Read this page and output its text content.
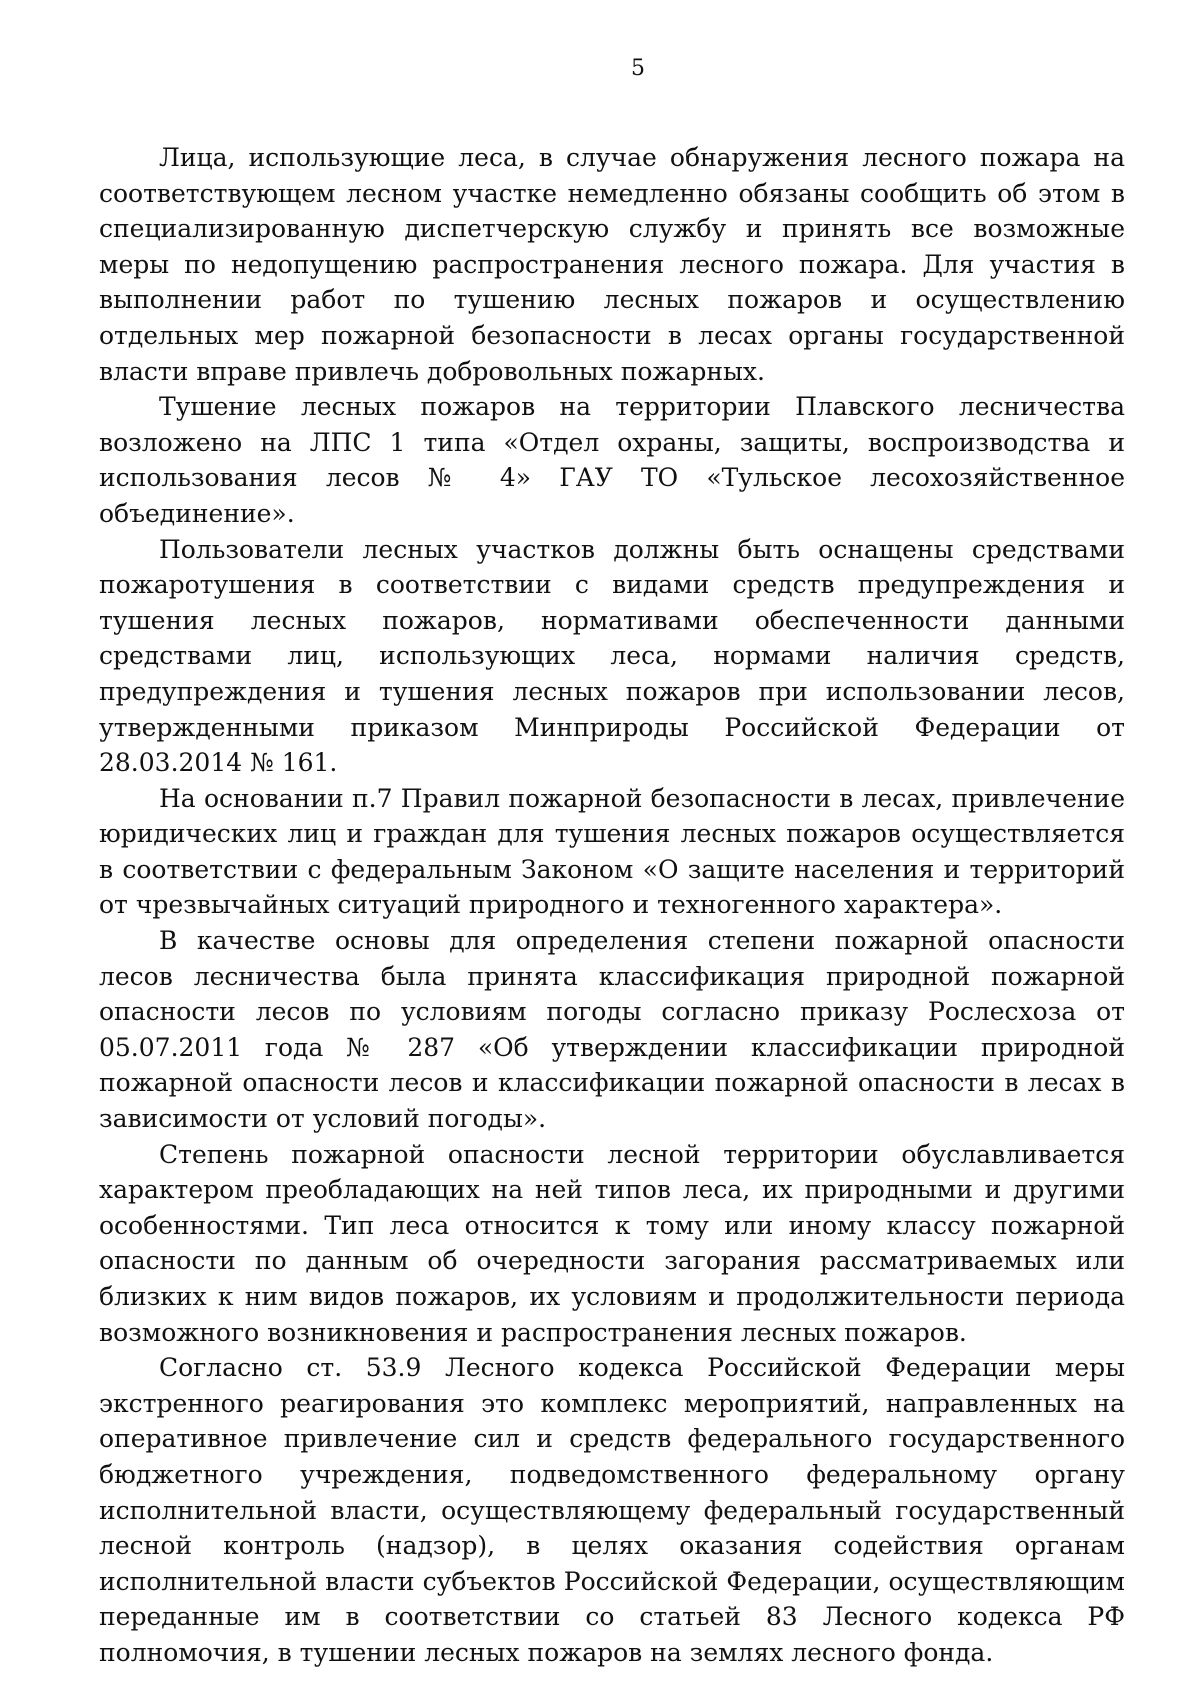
5

Лица, использующие леса, в случае обнаружения лесного пожара на соответствующем лесном участке немедленно обязаны сообщить об этом в специализированную диспетчерскую службу и принять все возможные меры по недопущению распространения лесного пожара. Для участия в выполнении работ по тушению лесных пожаров и осуществлению отдельных мер пожарной безопасности в лесах органы государственной власти вправе привлечь добровольных пожарных.

Тушение лесных пожаров на территории Плавского лесничества возложено на ЛПС 1 типа «Отдел охраны, защиты, воспроизводства и использования лесов № 4» ГАУ ТО «Тульское лесохозяйственное объединение».

Пользователи лесных участков должны быть оснащены средствами пожаротушения в соответствии с видами средств предупреждения и тушения лесных пожаров, нормативами обеспеченности данными средствами лиц, использующих леса, нормами наличия средств, предупреждения и тушения лесных пожаров при использовании лесов, утвержденными приказом Минприроды Российской Федерации от 28.03.2014 № 161.

На основании п.7 Правил пожарной безопасности в лесах, привлечение юридических лиц и граждан для тушения лесных пожаров осуществляется в соответствии с федеральным Законом «О защите населения и территорий от чрезвычайных ситуаций природного и техногенного характера».

В качестве основы для определения степени пожарной опасности лесов лесничества была принята классификация природной пожарной опасности лесов по условиям погоды согласно приказу Рослесхоза от 05.07.2011 года № 287 «Об утверждении классификации природной пожарной опасности лесов и классификации пожарной опасности в лесах в зависимости от условий погоды».

Степень пожарной опасности лесной территории обуславливается характером преобладающих на ней типов леса, их природными и другими особенностями. Тип леса относится к тому или иному классу пожарной опасности по данным об очередности загорания рассматриваемых или близких к ним видов пожаров, их условиям и продолжительности периода возможного возникновения и распространения лесных пожаров.

Согласно ст. 53.9 Лесного кодекса Российской Федерации меры экстренного реагирования это комплекс мероприятий, направленных на оперативное привлечение сил и средств федерального государственного бюджетного учреждения, подведомственного федеральному органу исполнительной власти, осуществляющему федеральный государственный лесной контроль (надзор), в целях оказания содействия органам исполнительной власти субъектов Российской Федерации, осуществляющим переданные им в соответствии со статьей 83 Лесного кодекса РФ полномочия, в тушении лесных пожаров на землях лесного фонда.
